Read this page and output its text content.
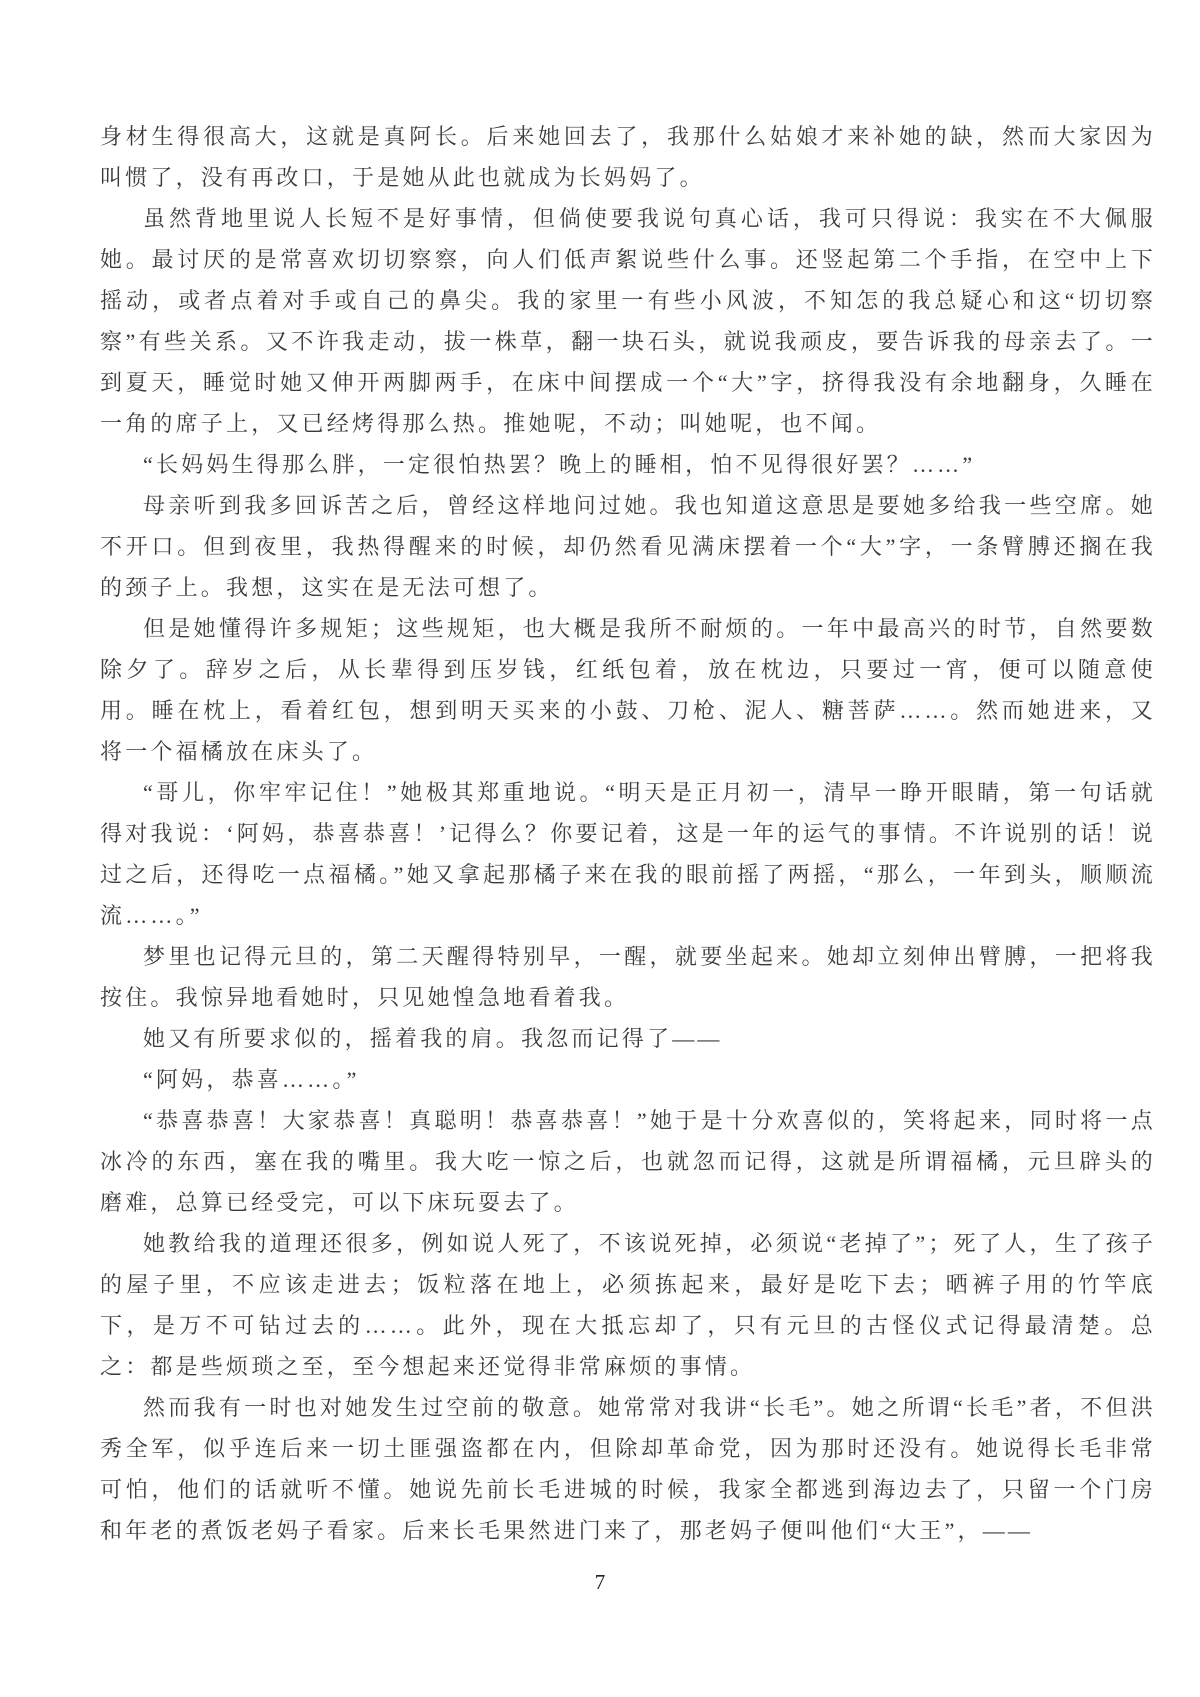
身材生得很高大，这就是真阿长。后来她回去了，我那什么姑娘才来补她的缺，然而大家因为叫惯了，没有再改口，于是她从此也就成为长妈妈了。

虽然背地里说人长短不是好事情，但倘使要我说句真心话，我可只得说：我实在不大佩服她。最讨厌的是常喜欢切切察察，向人们低声絮说些什么事。还竖起第二个手指，在空中上下摇动，或者点着对手或自己的鼻尖。我的家里一有些小风波，不知怎的我总疑心和这“切切察察”有些关系。又不许我走动，拔一株草，翻一块石头，就说我顽皮，要告诉我的母亲去了。一到夏天，睡觉时她又伸开两脚两手，在床中间摆成一个“大”字，挤得我没有余地翻身，久睡在一角的席子上，又已经烤得那么热。推她呢，不动；叫她呢，也不闻。

“长妈妈生得那么胖，一定很怕热罢？晚上的睡相，怕不见得很好罢？……”

母亲听到我多回诉苦之后，曾经这样地问过她。我也知道这意思是要她多给我一些空席。她不开口。但到夜里，我热得醒来的时候，却仍然看见满床摆着一个“大”字，一条臂膊还搁在我的颈子上。我想，这实在是无法可想了。

但是她懂得许多规矩；这些规矩，也大概是我所不耐烦的。一年中最高兴的时节，自然要数除夕了。辞岁之后，从长辈得到压岁钱，红纸包着，放在枕边，只要过一宵，便可以随意使用。睡在枕上，看着红包，想到明天买来的小鼓、刀枪、泥人、糖菩萨……。然而她进来，又将一个福橘放在床头了。

“哥儿，你牢牢记住！”她极其郑重地说。“明天是正月初一，清早一睁开眼睛，第一句话就得对我说：‘阿妈，恭喜恭喜！’记得么？你要记着，这是一年的运气的事情。不许说别的话！说过之后，还得吃一点福橘。”她又拿起那橘子来在我的眼前摇了两摇，“那么，一年到头，顺顺流流……。”

梦里也记得元旦的，第二天醒得特别早，一醒，就要坐起来。她却立刻伸出臂膊，一把将我按住。我惊异地看她时，只见她惶急地看着我。

她又有所要求似的，摇着我的肩。我忽而记得了——

“阿妈，恭喜……。”

“恭喜恭喜！大家恭喜！真聪明！恭喜恭喜！”她于是十分欢喜似的，笑将起来，同时将一点冰冷的东西，塞在我的嘴里。我大吃一惊之后，也就忽而记得，这就是所谓福橘，元旦辟头的磨难，总算已经受完，可以下床玩耍去了。

她教给我的道理还很多，例如说人死了，不该说死掉，必须说“老掉了”；死了人，生了孩子的屋子里，不应该走进去；饭粒落在地上，必须拣起来，最好是吃下去；晒裤子用的竹竿底下，是万不可钻过去的……。此外，现在大抵忘却了，只有元旦的古怪仪式记得最清楚。总之：都是些烦琐之至，至今想起来还觉得非常麻烦的事情。

然而我有一时也对她发生过空前的敬意。她常常对我讲“长毛”。她之所谓“长毛”者，不但洪秀全军，似乎连后来一切土匪强盗都在内，但除却革命党，因为那时还没有。她说得长毛非常可怕，他们的话就听不懂。她说先前长毛进城的时候，我家全都逃到海边去了，只留一个门房和年老的煮饭老妈子看家。后来长毛果然进门来了，那老妈子便叫他们“大王”，——

7
